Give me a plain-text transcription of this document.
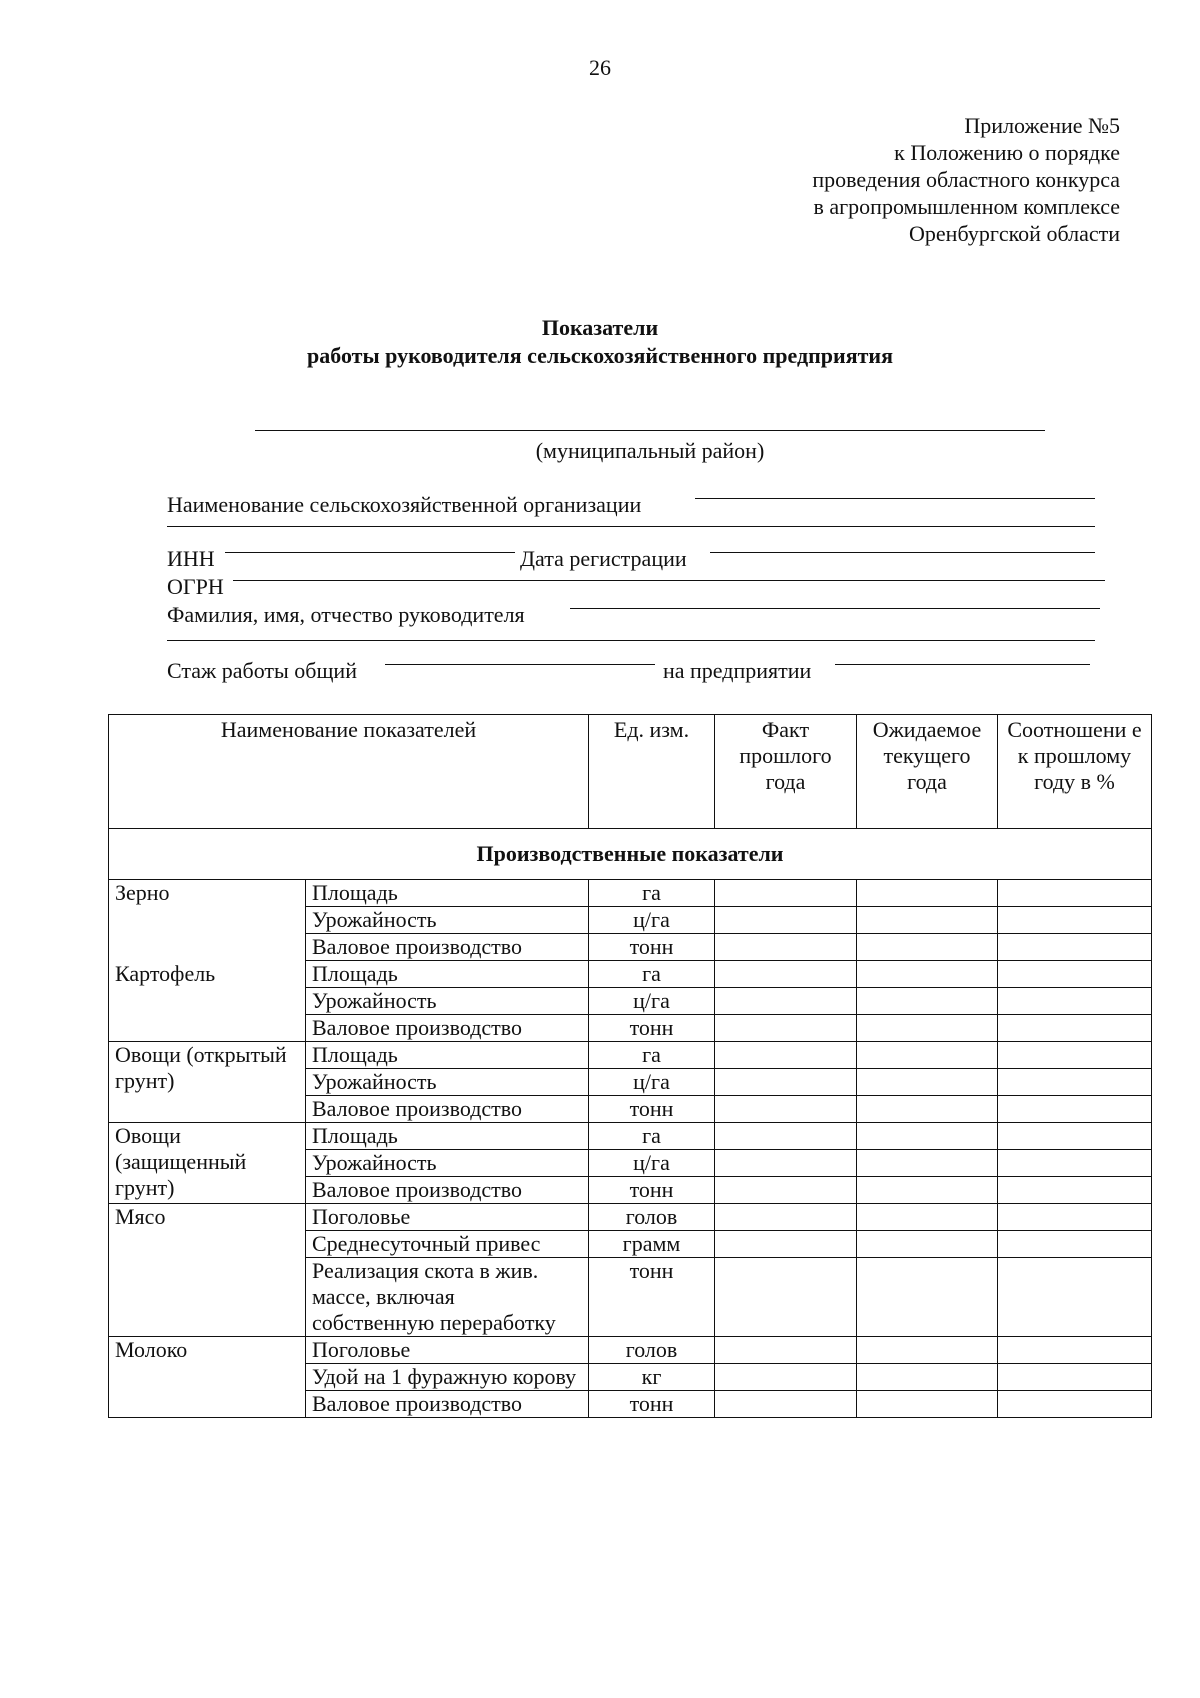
26
Приложение №5
к Положению о порядке
проведения областного конкурса
в агропромышленном комплексе
Оренбургской области
Показатели
работы руководителя сельскохозяйственного предприятия
(муниципальный район)
Наименование сельскохозяйственной организации
ИНН	Дата регистрации
ОГРН
Фамилия, имя, отчество руководителя
Стаж работы общий	на предприятии
Наименование показателей		Ед. изм.	Факт прошлого года	Ожидаемое текущего года	Соотношени е к прошлому году в %
Производственные показатели					
Зерно	Площадь	га			
	Урожайность	ц/га			
	Валовое производство	тонн			
Картофель	Площадь	га			
	Урожайность	ц/га			
	Валовое производство	тонн			
Овощи (открытый грунт)	Площадь	га			
	Урожайность	ц/га			
	Валовое производство	тонн			
Овощи (защищенный грунт)	Площадь	га			
	Урожайность	ц/га			
	Валовое производство	тонн			
Мясо	Поголовье	голов			
	Среднесуточный привес	грамм			
	Реализация скота в жив. массе, включая собственную переработку	тонн			
Молоко	Поголовье	голов			
	Удой на 1 фуражную корову	кг			
	Валовое производство	тонн			
